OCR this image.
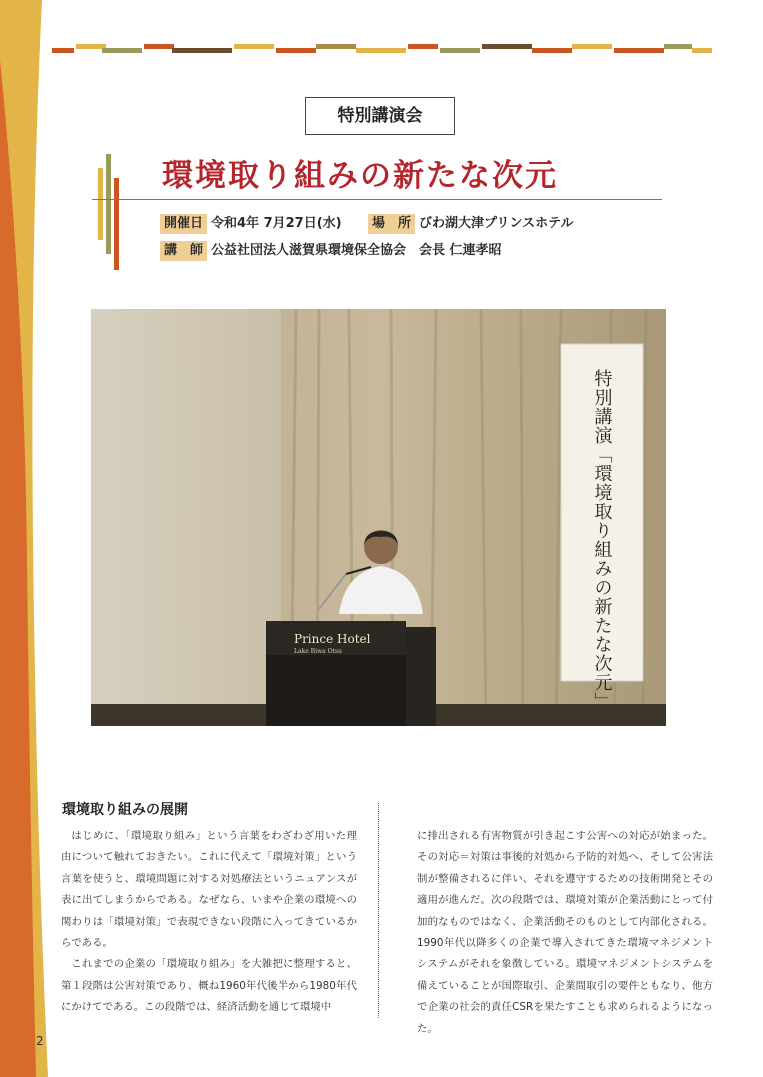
特別講演会
環境取り組みの新たな次元
開催日 令和4年 7月27日(水)	場　所 びわ湖大津プリンスホテル
講　師 公益社団法人滋賀県環境保全協会　会長 仁連孝昭
特別講演「環境取り組みの新たな次元」
Prince Hotel
Lake Biwa Otsu
環境取り組みの展開

はじめに、「環境取り組み」という言葉をわざわざ用いた理由について触れておきたい。これに代えて「環境対策」という言葉を使うと、環境問題に対する対処療法というニュアンスが表に出てしまうからである。なぜなら、いまや企業の環境への関わりは「環境対策」で表現できない段階に入ってきているからである。

これまでの企業の「環境取り組み」を大雑把に整理すると、第１段階は公害対策であり、概ね1960年代後半から1980年代にかけてである。この段階では、経済活動を通じて環境中

に排出される有害物質が引き起こす公害への対応が始まった。その対応＝対策は事後的対処から予防的対処へ、そして公害法制が整備されるに伴い、それを遵守するための技術開発とその適用が進んだ。次の段階では、環境対策が企業活動にとって付加的なものではなく、企業活動そのものとして内部化される。1990年代以降多くの企業で導入されてきた環境マネジメントシステムがそれを象徴している。環境マネジメントシステムを備えていることが国際取引、企業間取引の要件ともなり、他方で企業の社会的責任CSRを果たすことも求められるようになった。

2
